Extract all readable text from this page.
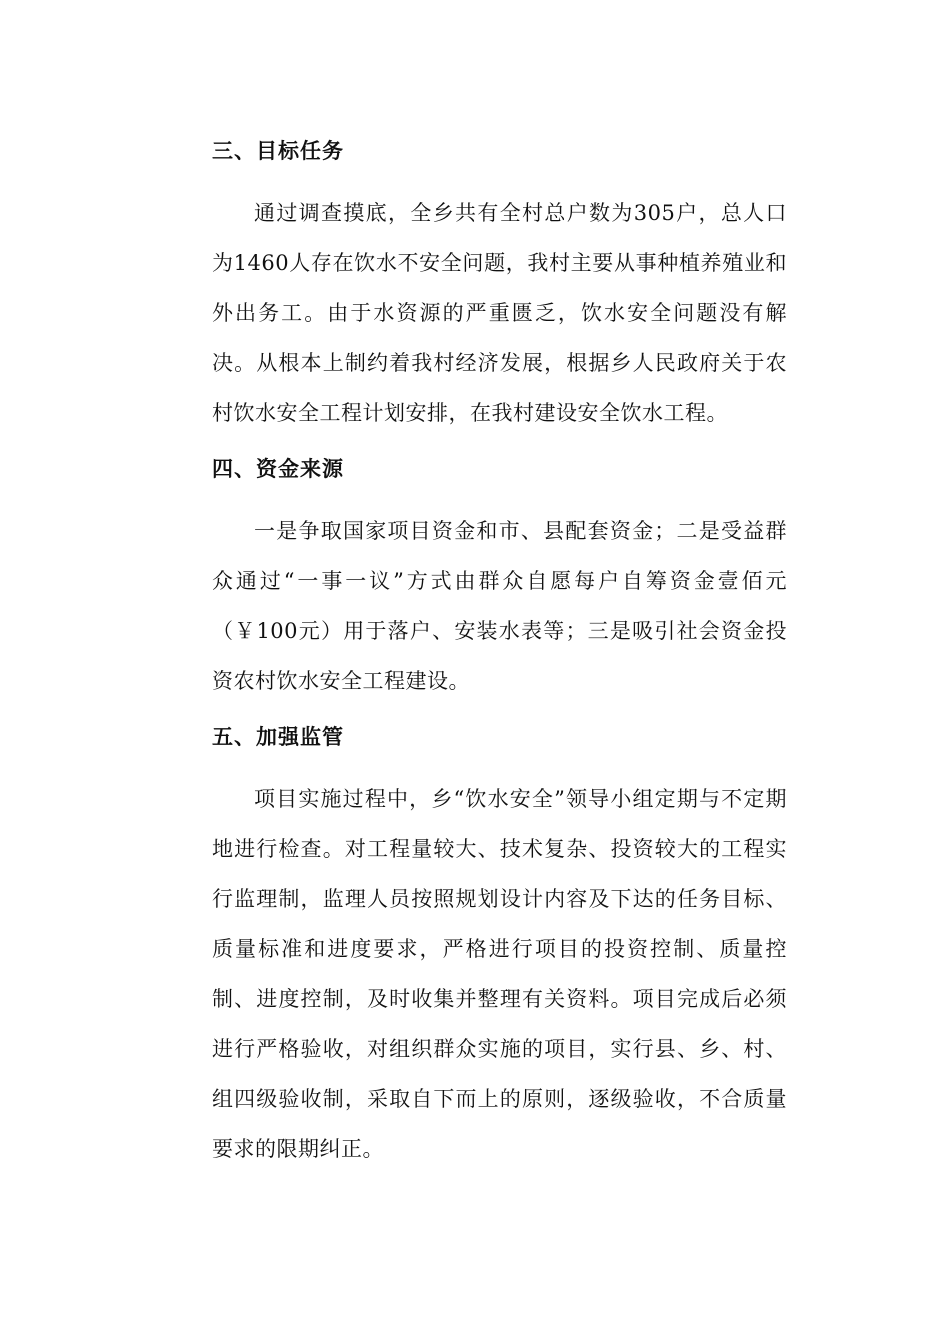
三、目标任务

通过调查摸底，全乡共有全村总户数为305户，总人口为1460人存在饮水不安全问题，我村主要从事种植养殖业和外出务工。由于水资源的严重匮乏，饮水安全问题没有解决。从根本上制约着我村经济发展，根据乡人民政府关于农村饮水安全工程计划安排，在我村建设安全饮水工程。

四、资金来源

一是争取国家项目资金和市、县配套资金；二是受益群众通过“一事一议”方式由群众自愿每户自筹资金壹佰元（￥100元）用于落户、安装水表等；三是吸引社会资金投资农村饮水安全工程建设。

五、加强监管

项目实施过程中，乡“饮水安全”领导小组定期与不定期地进行检查。对工程量较大、技术复杂、投资较大的工程实行监理制，监理人员按照规划设计内容及下达的任务目标、质量标准和进度要求，严格进行项目的投资控制、质量控制、进度控制，及时收集并整理有关资料。项目完成后必须进行严格验收，对组织群众实施的项目，实行县、乡、村、组四级验收制，采取自下而上的原则，逐级验收，不合质量要求的限期纠正。
